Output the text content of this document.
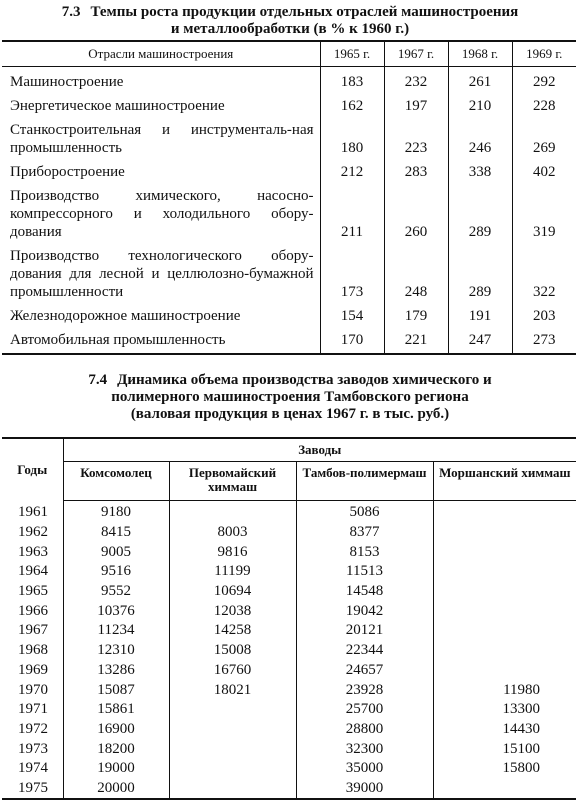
7.3 Темпы роста продукции отдельных отраслей машиностроения
и металлообработки (в % к 1960 г.)
Отрасли машиностроения	1965 г.	1967 г.	1968 г.	1969 г.
Машиностроение	183	232	261	292
Энергетическое машиностроение	162	197	210	228
Станкостроительная и инструменталь-ная промышленность	180	223	246	269
Приборостроение	212	283	338	402
Производство химического, насосно-компрессорного и холодильного обору-дования	211	260	289	319
Производство технологического обору-дования для лесной и целлюлозно-бумажной промышленности	173	248	289	322
Железнодорожное машиностроение	154	179	191	203
Автомобильная промышленность	170	221	247	273
7.4 Динамика объема производства заводов химического и
полимерного машиностроения Тамбовского региона
(валовая продукция в ценах 1967 г. в тыс. руб.)
Годы	Заводы			
	Комсомолец	Первомайский химмаш	Тамбов-полимермаш	Моршанский химмаш
1961	9180		5086	
1962	8415	8003	8377	
1963	9005	9816	8153	
1964	9516	11199	11513	
1965	9552	10694	14548	
1966	10376	12038	19042	
1967	11234	14258	20121	
1968	12310	15008	22344	
1969	13286	16760	24657	
1970	15087	18021	23928	11980
1971	15861		25700	13300
1972	16900		28800	14430
1973	18200		32300	15100
1974	19000		35000	15800
1975	20000		39000	
